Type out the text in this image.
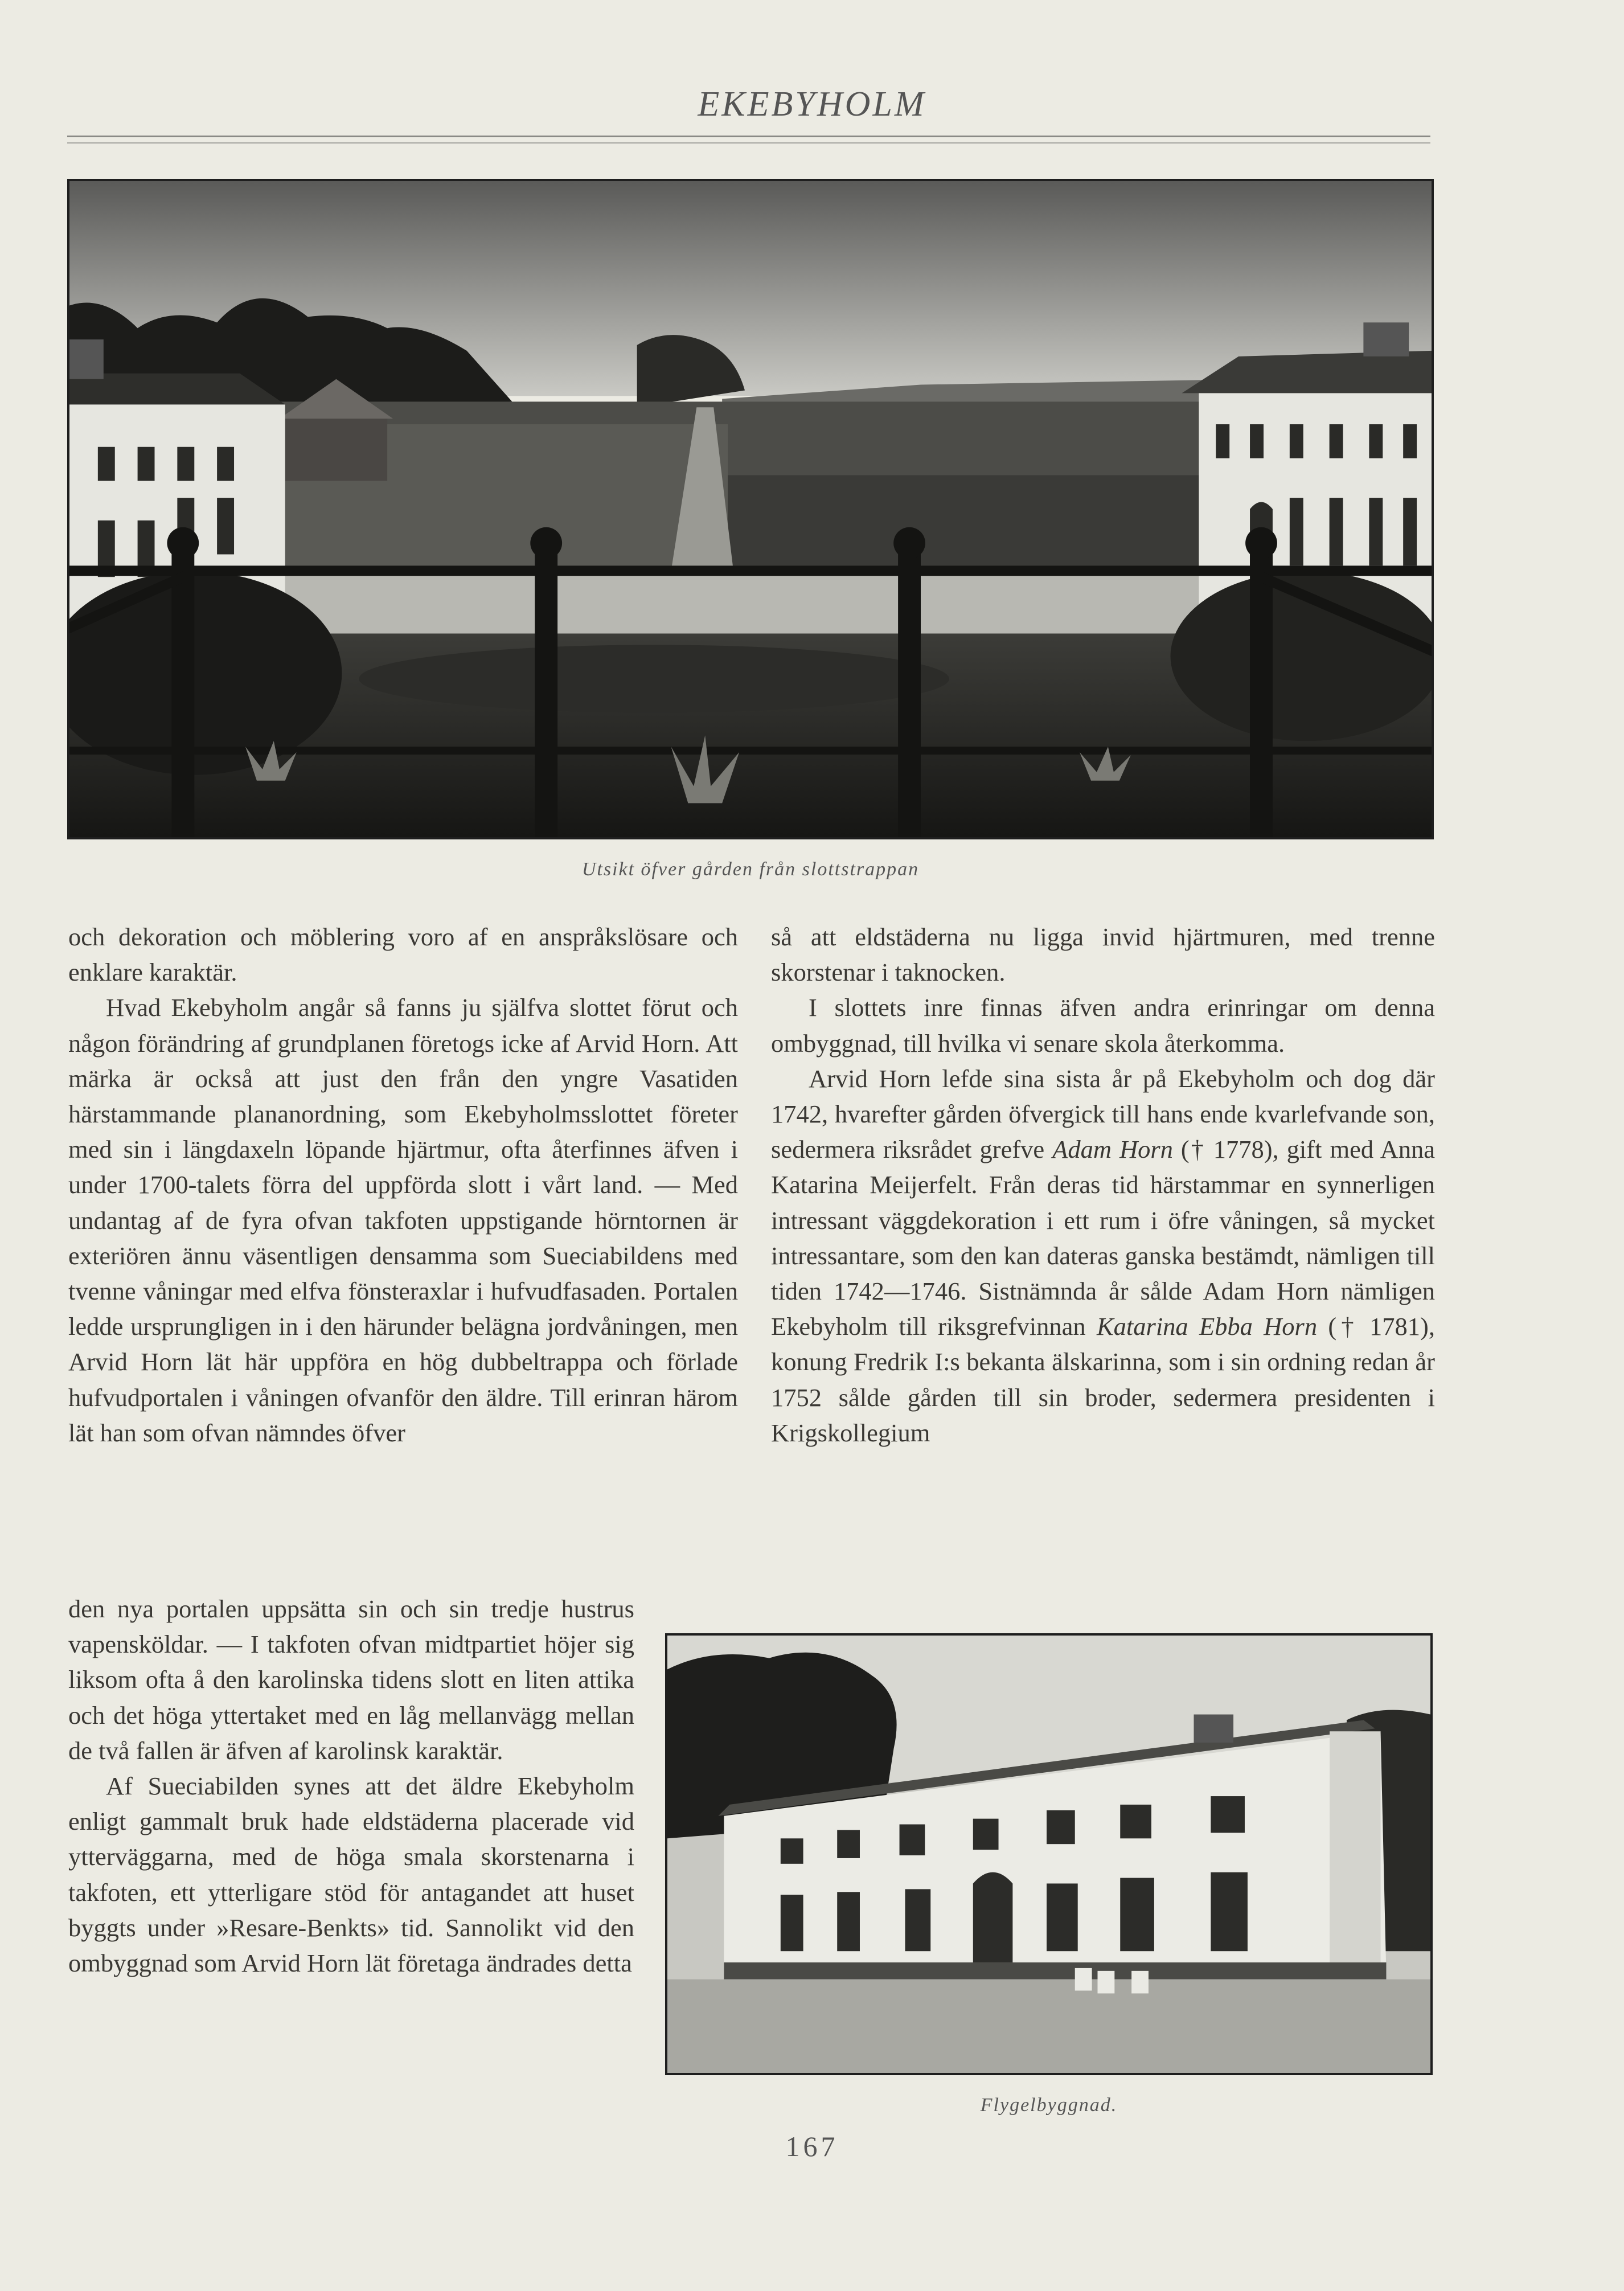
EKEBYHOLM
Utsikt öfver gården från slottstrappan

och dekoration och möblering voro af en anspråkslösare och enklare karaktär.

Hvad Ekebyholm angår så fanns ju själfva slottet förut och någon förändring af grundplanen företogs icke af Arvid Horn. Att märka är också att just den från den yngre Vasatiden härstammande plananordning, som Ekebyholmsslottet företer med sin i längdaxeln löpande hjärtmur, ofta återfinnes äfven i under 1700-talets förra del uppförda slott i vårt land. — Med undantag af de fyra ofvan takfoten uppstigande hörntornen är exteriören ännu väsentligen densamma som Sueciabildens med tvenne våningar med elfva fönsteraxlar i hufvudfasaden. Portalen ledde ursprungligen in i den härunder belägna jordvåningen, men Arvid Horn lät här uppföra en hög dubbeltrappa och förlade hufvudportalen i våningen ofvanför den äldre. Till erinran härom lät han som ofvan nämndes öfver

den nya portalen uppsätta sin och sin tredje hustrus vapensköldar. — I takfoten ofvan midtpartiet höjer sig liksom ofta å den karolinska tidens slott en liten attika och det höga yttertaket med en låg mellanvägg mellan de två fallen är äfven af karolinsk karaktär.

Af Sueciabilden synes att det äldre Ekebyholm enligt gammalt bruk hade eldstäderna placerade vid ytterväggarna, med de höga smala skorstenarna i takfoten, ett ytterligare stöd för antagandet att huset byggts under »Resare-Benkts» tid. Sannolikt vid den ombyggnad som Arvid Horn lät företaga ändrades detta

så att eldstäderna nu ligga invid hjärtmuren, med trenne skorstenar i taknocken.

I slottets inre finnas äfven andra erinringar om denna ombyggnad, till hvilka vi senare skola återkomma.

Arvid Horn lefde sina sista år på Ekebyholm och dog där 1742, hvarefter gården öfvergick till hans ende kvarlefvande son, sedermera riksrådet grefve Adam Horn († 1778), gift med Anna Katarina Meijerfelt. Från deras tid härstammar en synnerligen intressant väggdekoration i ett rum i öfre våningen, så mycket intressantare, som den kan dateras ganska bestämdt, nämligen till tiden 1742—1746. Sistnämnda år sålde Adam Horn nämligen Ekebyholm till riksgrefvinnan Katarina Ebba Horn († 1781), konung Fredrik I:s bekanta älskarinna, som i sin ordning redan år 1752 sålde gården till sin broder, sedermera presidenten i Krigskollegium

Flygelbyggnad.
167
